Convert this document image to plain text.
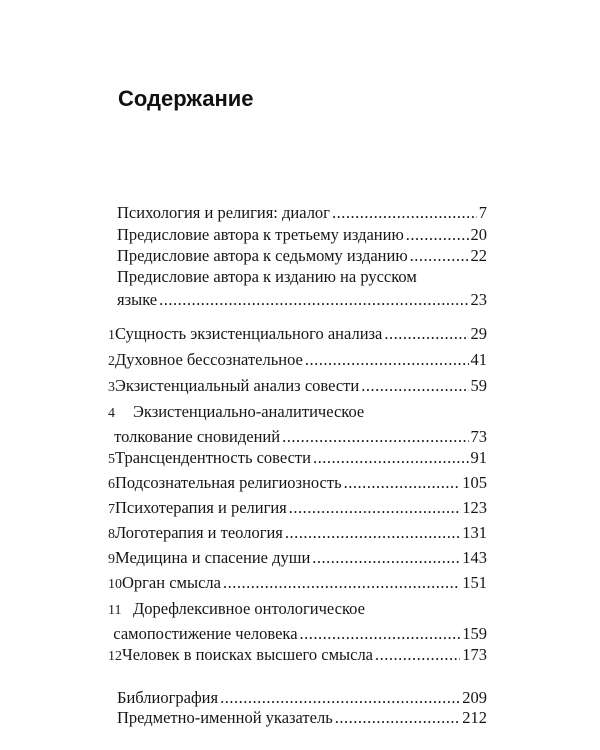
Содержание
Психология и религия: диалог .....	7
Предисловие автора к третьему изданию .....	20
Предисловие автора к седьмому изданию .....	22
Предисловие автора к изданию на русском
языке .....	23
1 Сущность экзистенциального анализа .....	29
2 Духовное бессознательное .....	41
3 Экзистенциальный анализ совести .....	59
4 Экзистенциально-аналитическое
толкование сновидений .....	73
5 Трансцендентность совести .....	91
6 Подсознательная религиозность .....	105
7 Психотерапия и религия .....	123
8 Логотерапия и теология .....	131
9 Медицина и спасение души .....	143
10 Орган смысла .....	151
11 Дорефлексивное онтологическое
самопостижение человека .....	159
12 Человек в поисках высшего смысла .....	173
Библиография .....	209
Предметно-именной указатель .....	212
